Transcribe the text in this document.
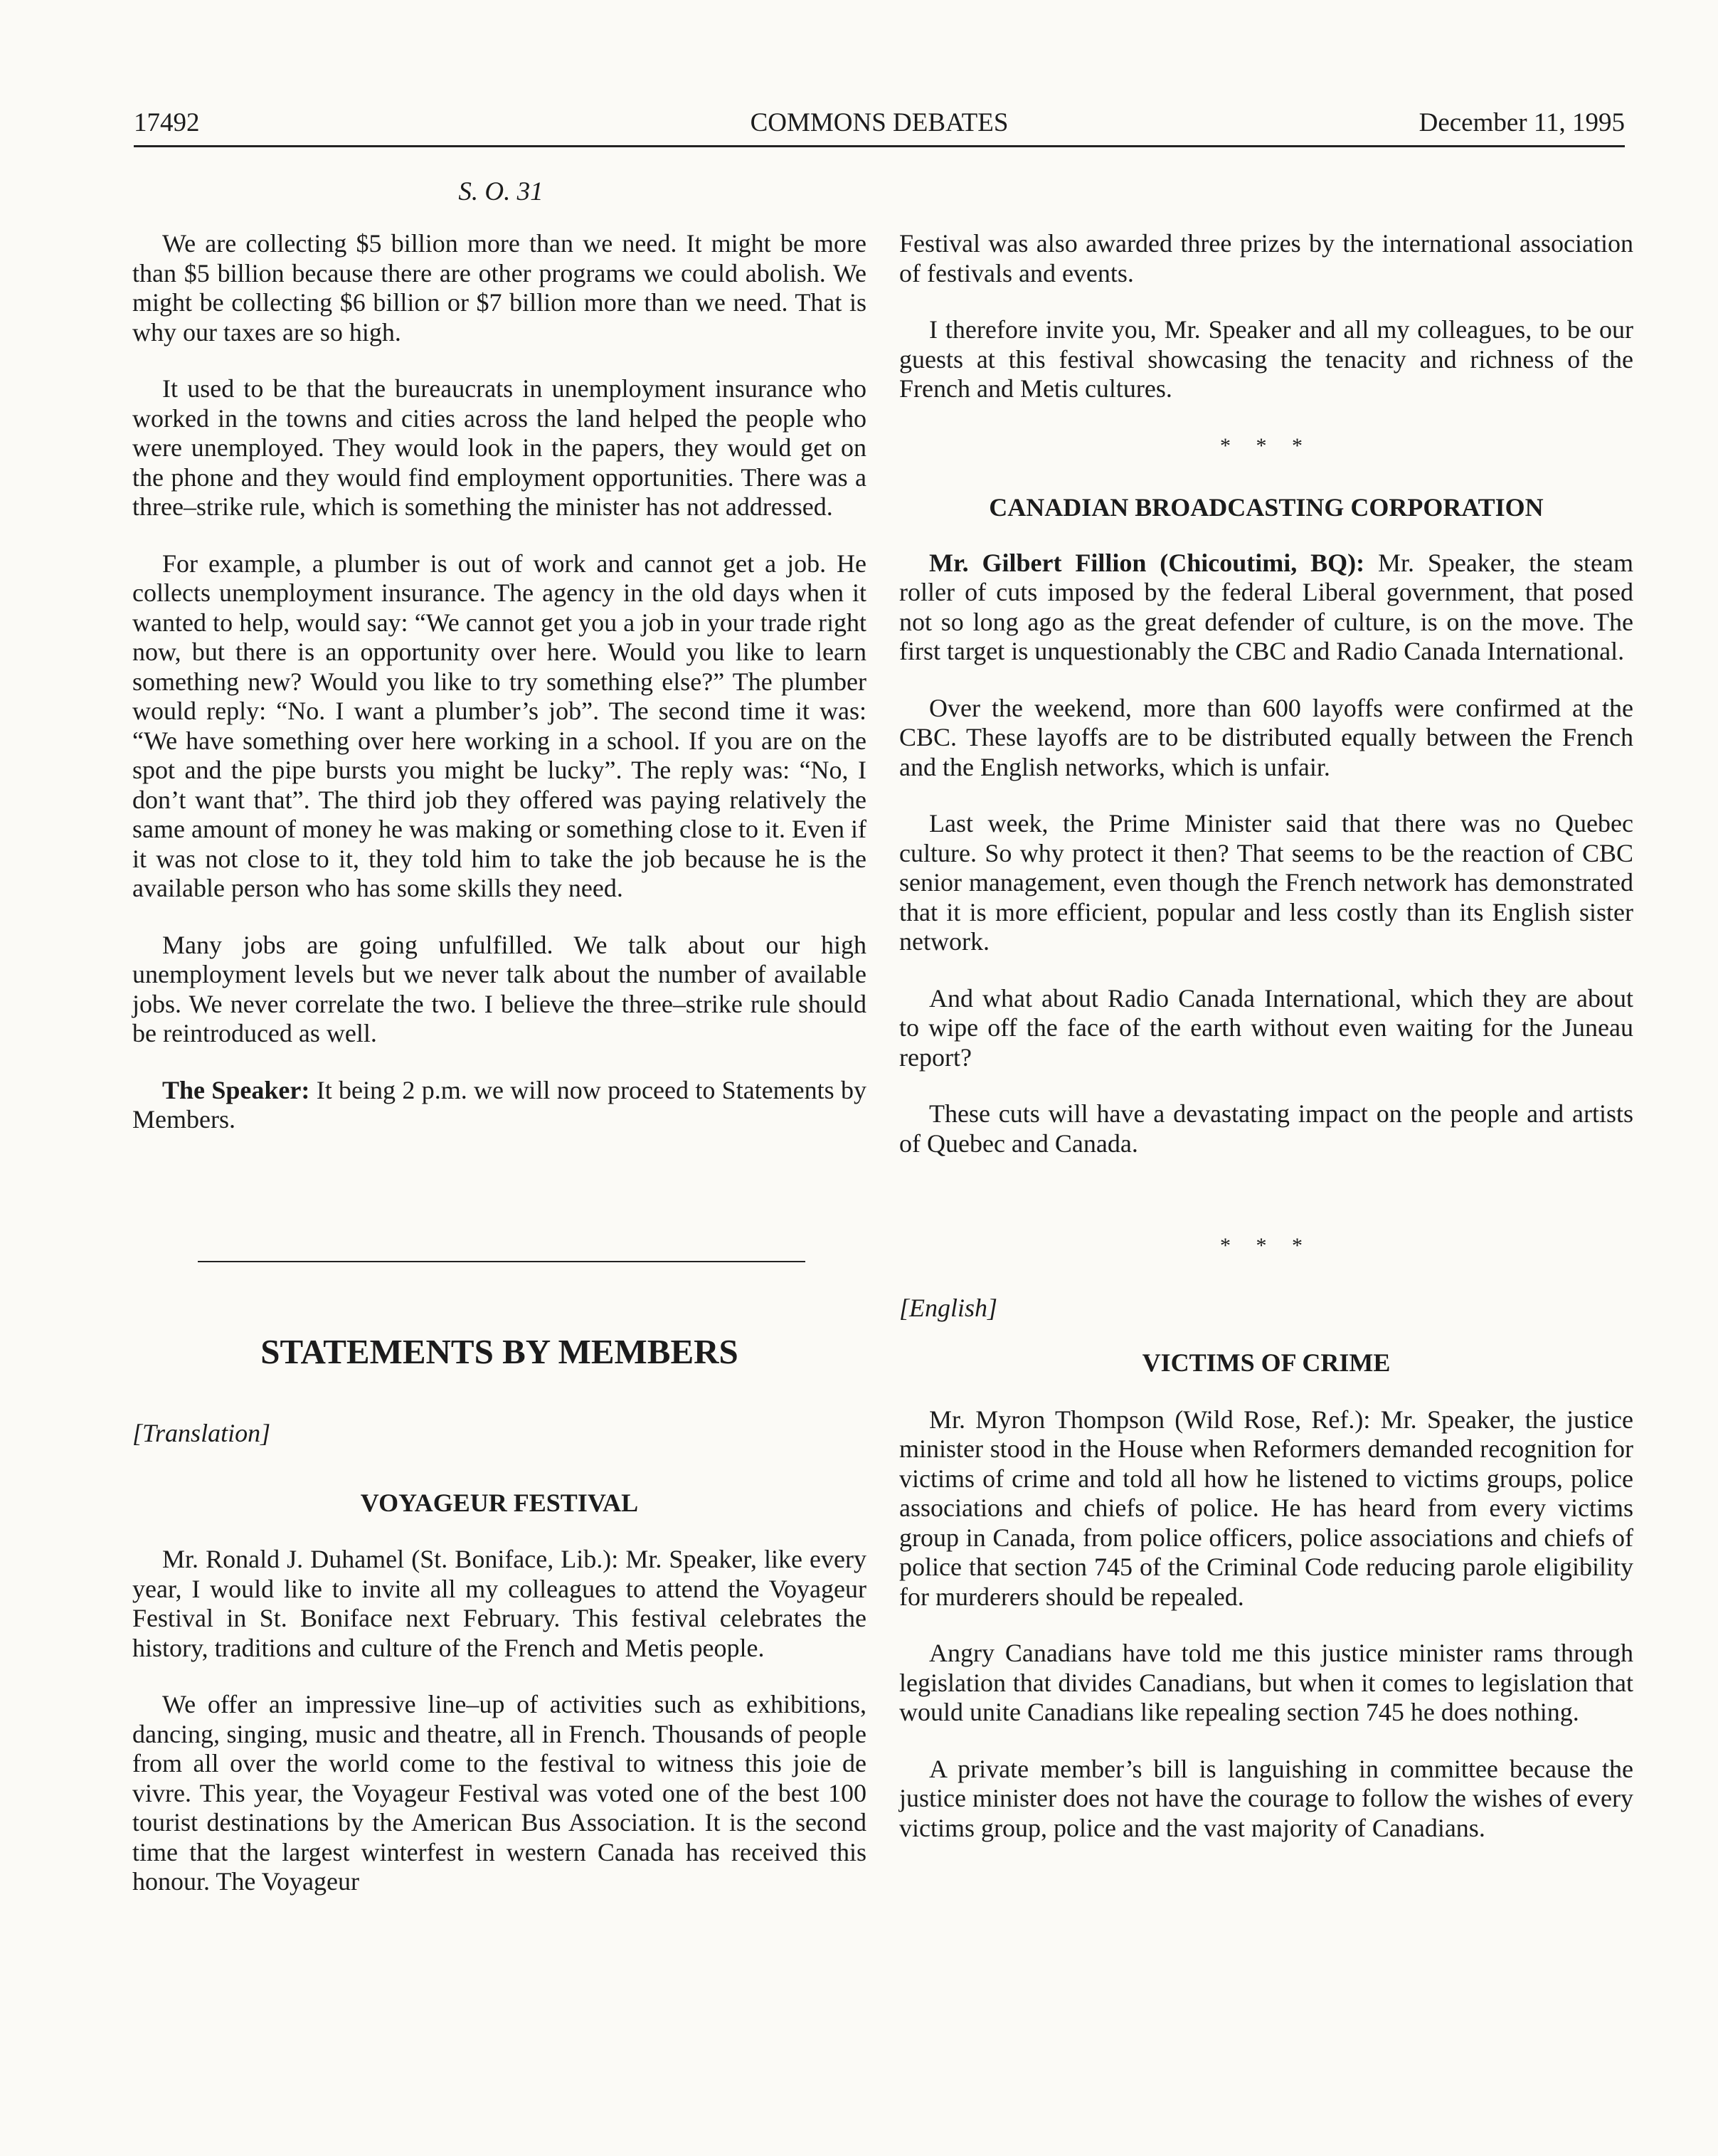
17492	COMMONS DEBATES	December 11, 1995
S. O. 31

We are collecting $5 billion more than we need. It might be more than $5 billion because there are other programs we could abolish. We might be collecting $6 billion or $7 billion more than we need. That is why our taxes are so high.

It used to be that the bureaucrats in unemployment insurance who worked in the towns and cities across the land helped the people who were unemployed. They would look in the papers, they would get on the phone and they would find employment opportunities. There was a three–strike rule, which is something the minister has not addressed.

For example, a plumber is out of work and cannot get a job. He collects unemployment insurance. The agency in the old days when it wanted to help, would say: “We cannot get you a job in your trade right now, but there is an opportunity over here. Would you like to learn something new? Would you like to try something else?” The plumber would reply: “No. I want a plumber’s job”. The second time it was: “We have something over here working in a school. If you are on the spot and the pipe bursts you might be lucky”. The reply was: “No, I don’t want that”. The third job they offered was paying relatively the same amount of money he was making or something close to it. Even if it was not close to it, they told him to take the job because he is the available person who has some skills they need.

Many jobs are going unfulfilled. We talk about our high unemployment levels but we never talk about the number of available jobs. We never correlate the two. I believe the three–strike rule should be reintroduced as well.

The Speaker: It being 2 p.m. we will now proceed to Statements by Members.

STATEMENTS BY MEMBERS
[Translation]
VOYAGEUR FESTIVAL

Mr. Ronald J. Duhamel (St. Boniface, Lib.): Mr. Speaker, like every year, I would like to invite all my colleagues to attend the Voyageur Festival in St. Boniface next February. This festival celebrates the history, traditions and culture of the French and Metis people.

We offer an impressive line–up of activities such as exhibitions, dancing, singing, music and theatre, all in French. Thousands of people from all over the world come to the festival to witness this joie de vivre. This year, the Voyageur Festival was voted one of the best 100 tourist destinations by the American Bus Association. It is the second time that the largest winterfest in western Canada has received this honour. The Voyageur

Festival was also awarded three prizes by the international association of festivals and events.

I therefore invite you, Mr. Speaker and all my colleagues, to be our guests at this festival showcasing the tenacity and richness of the French and Metis cultures.

* * *
CANADIAN BROADCASTING CORPORATION

Mr. Gilbert Fillion (Chicoutimi, BQ): Mr. Speaker, the steam roller of cuts imposed by the federal Liberal government, that posed not so long ago as the great defender of culture, is on the move. The first target is unquestionably the CBC and Radio Canada International.

Over the weekend, more than 600 layoffs were confirmed at the CBC. These layoffs are to be distributed equally between the French and the English networks, which is unfair.

Last week, the Prime Minister said that there was no Quebec culture. So why protect it then? That seems to be the reaction of CBC senior management, even though the French network has demonstrated that it is more efficient, popular and less costly than its English sister network.

And what about Radio Canada International, which they are about to wipe off the face of the earth without even waiting for the Juneau report?

These cuts will have a devastating impact on the people and artists of Quebec and Canada.

* * *
[English]
VICTIMS OF CRIME

Mr. Myron Thompson (Wild Rose, Ref.): Mr. Speaker, the justice minister stood in the House when Reformers demanded recognition for victims of crime and told all how he listened to victims groups, police associations and chiefs of police. He has heard from every victims group in Canada, from police officers, police associations and chiefs of police that section 745 of the Criminal Code reducing parole eligibility for murderers should be repealed.

Angry Canadians have told me this justice minister rams through legislation that divides Canadians, but when it comes to legislation that would unite Canadians like repealing section 745 he does nothing.

A private member’s bill is languishing in committee because the justice minister does not have the courage to follow the wishes of every victims group, police and the vast majority of Canadians.
